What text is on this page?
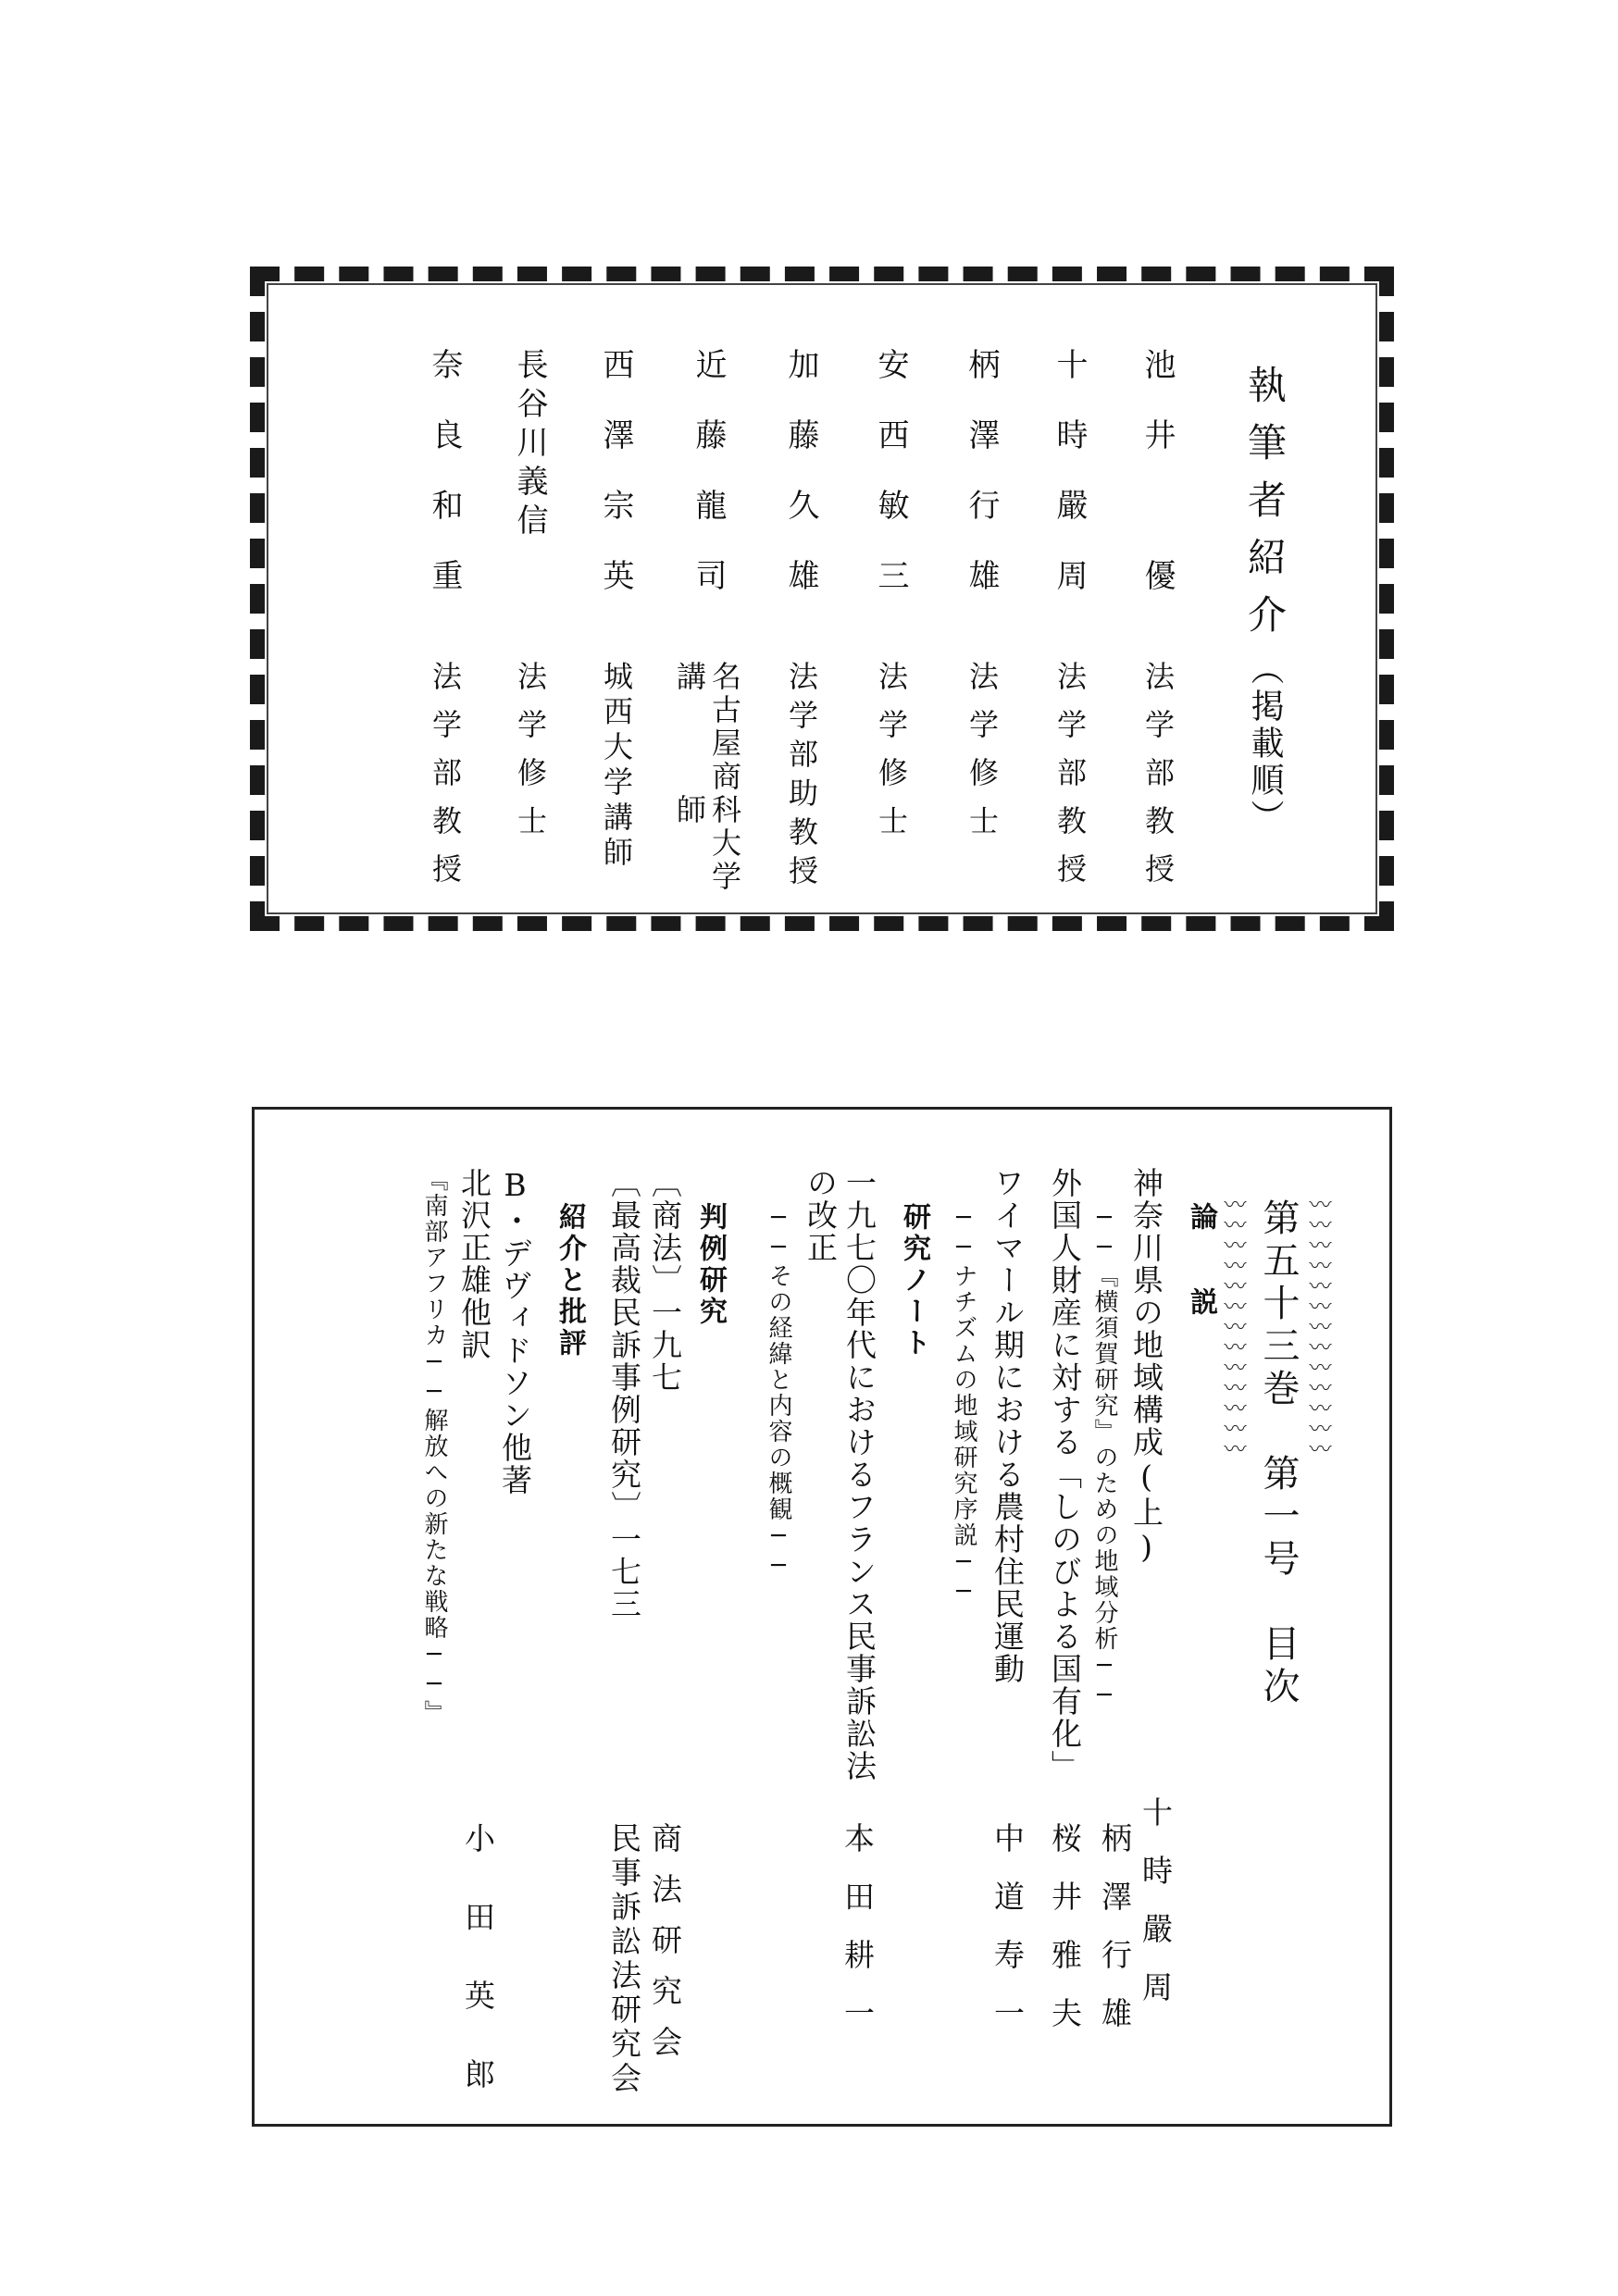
執筆者紹介（掲載順）
池井　優
法学部教授
十時嚴周
法学部教授
柄澤行雄
法学修士
安西敏三
法学修士
加藤久雄
法学部助教授
近藤龍司
名古屋商科大学
講　　　師
西澤宗英
城西大学講師
長谷川義信
法学修士
奈良和重
法学部教授
〰〰〰〰〰〰〰〰〰〰〰〰〰
〰〰〰〰〰〰〰〰〰〰〰〰〰 第五十三巻　第一号　目次
論　説
神奈川県の地域構成(上)
──『横須賀研究』のための地域分析──
十時嚴周
柄澤行雄
外国人財産に対する「しのびよる国有化」
桜井雅夫
ワイマール期における農村住民運動
──ナチズムの地域研究序説──
中道寿一
研究ノート
一九七〇年代におけるフランス民事訴訟法
の改正
──その経緯と内容の概観──
本田耕一
判例研究
〔商法〕一九七
商法研究会
〔最高裁民訴事例研究〕一七三
民事訴訟法研究会
紹介と批評
B・デヴィドソン他著
北沢正雄他訳
『南部アフリカ──解放への新たな戦略──』
小田英郎
